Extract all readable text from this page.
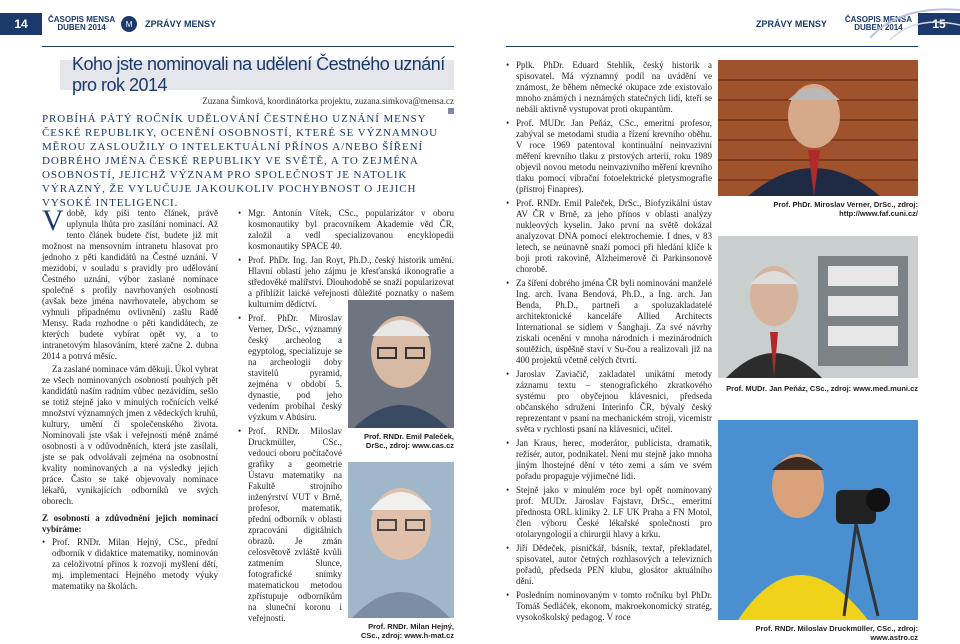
14	ČASOPIS MENSA
DUBEN 2014	M	ZPRÁVY MENSY	ZPRÁVY MENSY ČASOPIS MENSA
DUBEN 2014	15
Koho jste nominovali na udělení Čestného uznání pro rok 2014
Zuzana Šimková, koordinátorka projektu, zuzana.simkova@mensa.cz
PROBÍHÁ PÁTÝ ROČNÍK UDĚLOVÁNÍ ČESTNÉHO UZNÁNÍ MENSY ČESKÉ REPUBLIKY, OCENĚNÍ OSOBNOSTÍ, KTERÉ SE VÝZNAMNOU MĚROU ZASLOUŽILY O INTELEKTUÁLNÍ PŘÍNOS A/NEBO ŠÍŘENÍ DOBRÉHO JMÉNA ČESKÉ REPUBLIKY VE SVĚTĚ, A TO ZEJMÉNA OSOBNOSTÍ, JEJICHŽ VÝZNAM PRO SPOLEČNOST JE NATOLIK VÝRAZNÝ, ŽE VYLUČUJE JAKOUKOLIV POCHYBNOST O JEJICH VYSOKÉ INTELIGENCI.

Vdobě, kdy píši tento článek, právě uplynula lhůta pro zasílání nominací. Až tento článek budete číst, budete již mít možnost na mensovním intranetu hlasovat pro jednoho z pěti kandidátů na Čestné uznání. V mezidobí, v souladu s pravidly pro udělování Čestného uznání, výbor zaslané nominace společně s profily navrhovaných osobností (avšak beze jména navrhovatele, abychom se vyhnuli případnému ovlivnění) zašlu Radě Mensy. Rada rozhodne o pěti kandidátech, ze kterých budete vybírat opět vy, a to intranetovým hlasováním, které začne 2. dubna 2014 a potrvá měsíc.

Za zaslané nominace vám děkuji. Úkol vybrat ze všech nominovaných osobností pouhých pět kandidátů naším radním vůbec nezávidím, sešlo se totiž stejně jako v minulých ročnících velké množství významných jmen z vědeckých kruhů, kultury, umění či společenského života. Nominovali jste však i veřejnosti méně známé osobnosti a v odůvodněních, která jste zasílali, jste se pak odvolávali zejména na osobnostní kvality nominovaných a na výsledky jejich práce. Často se také objevovaly nominace lékařů, vynikajících odborníků ve svých oborech.

Z osobností a zdůvodnění jejich nominací vybíráme:

• Prof. RNDr. Milan Hejný, CSc., přední odborník v didaktice matematiky, nominován za celoživotní přínos k rozvoji myšlení dětí, mj. implementaci Hejného metody výuky matematiky na školách.
• Mgr. Antonín Vítek, CSc., popularizátor v oboru kosmonautiky byl pracovníkem Akademie věd ČR, založil a vedl specializovanou encyklopedii kosmonautiky SPACE 40.
• Prof. PhDr. Ing. Jan Royt, Ph.D., český historik umění. Hlavní oblastí jeho zájmu je křesťanská ikonografie a středověké malířství. Dlouhodobě se snaží popularizovat a přiblížit laické veřejnosti důležité poznatky o našem kulturním dědictví.
• Prof. PhDr. Miroslav Verner, DrSc., významný český archeolog a egyptolog, specializuje se na archeologii doby stavitelů pyramid, zejména v období 5. dynastie, pod jeho vedením probíhal český výzkum v Abúsíru.
• Prof. RNDr. Miloslav Druckmüller, CSc., vedoucí oboru počítačové grafiky a geometrie Ústavu matematiky na Fakultě strojního inženýrství VUT v Brně, profesor, matematik, přední odborník v oblasti zpracování digitálních obrazů. Je zmán celosvětově zvláště kvůli zatmením Slunce, fotografické snímky matematickou metodou zpřístupuje odborníkům na sluneční koronu i veřejnosti.
Prof. RNDr. Emil Paleček, DrSc., zdroj: www.cas.cz
Prof. RNDr. Milan Hejný, CSc., zdroj: www.h-mat.cz
• Pplk. PhDr. Eduard Stehlík, český historik a spisovatel. Má významný podíl na uvádění ve známost, že během německé okupace zde existovalo mnoho známých i neznámých statečných lidí, kteří se nebáli aktivně vystupovat proti okupantům.
• Prof. MUDr. Jan Peňáz, CSc., emeritní profesor, zabýval se metodami studia a řízení krevního oběhu. V roce 1969 patentoval kontinuální neinvazivní měření krevního tlaku z prstových arterií, roku 1989 objevil novou metodu neinvazivního měření krevního tlaku pomocí vibrační fotoelektrické pletysmografie (přístroj Finapres).
• Prof. RNDr. Emil Paleček, DrSc., Biofyzikální ústav AV ČR v Brně, za jeho přínos v oblasti analýzy nukleových kyselin. Jako první na světě dokázal analyzovat DNA pomocí elektrochemie. I dnes, v 83 letech, se neúnavně snaží pomoci při hledání klíče k boji proti rakovině, Alzheimerově či Parkinsonově chorobě.
• Za šíření dobrého jména ČR byli nominováni manželé Ing. arch. Ivana Bendová, Ph.D., a Ing. arch. Jan Benda, Ph.D., partneři a spoluzakladatelé architektonické kanceláře Allied Architects International se sídlem v Šanghaji. Za své návrhy získali ocenění v mnoha národních i mezinárodních soutěžích, úspěšně staví v Su-čou a realizovali již na 400 projektů včetně celých čtvrtí.
• Jaroslav Zaviačič, zakladatel unikátní metody záznamu textu – stenografického zkratkového systému pro obyčejnou klávesnici, předseda občanského sdružení Interinfo ČR, bývalý český reprezentant v psaní na mechanickém stroji, vicemistr světa v rychlosti psaní na klávesnici, učitel.
• Jan Kraus, herec, moderátor, publicista, dramatik, režisér, autor, podnikatel. Není mu stejně jako mnoha jiným lhostejné dění v této zemi a sám ve svém pořadu propaguje výjimečné lidi.
• Stejně jako v minulém roce byl opět nominovaný prof. MUDr. Jaroslav Fajstavr, DrSc., emeritní přednosta ORL kliniky 2. LF UK Praha a FN Motol, člen výboru České lékařské společnosti pro otolaryngologii a chirurgii hlavy a krku.
• Jiří Dědeček, písničkář, básník, textař, překladatel, spisovatel, autor četných rozhlasových a televizních pořadů, předseda PEN klubu, glosátor aktuálního dění.
• Posledním nominovaným v tomto ročníku byl PhDr. Tomáš Sedláček, ekonom, makroekonomický stratég, vysokoškolský pedagog. V roce
Prof. PhDr. Miroslav Verner, DrSc., zdroj: http://www.faf.cuni.cz/
Prof. MUDr. Jan Peňáz, CSc., zdroj: www.med.muni.cz
Prof. RNDr. Miloslav Druckmüller, CSc., zdroj: www.astro.cz
